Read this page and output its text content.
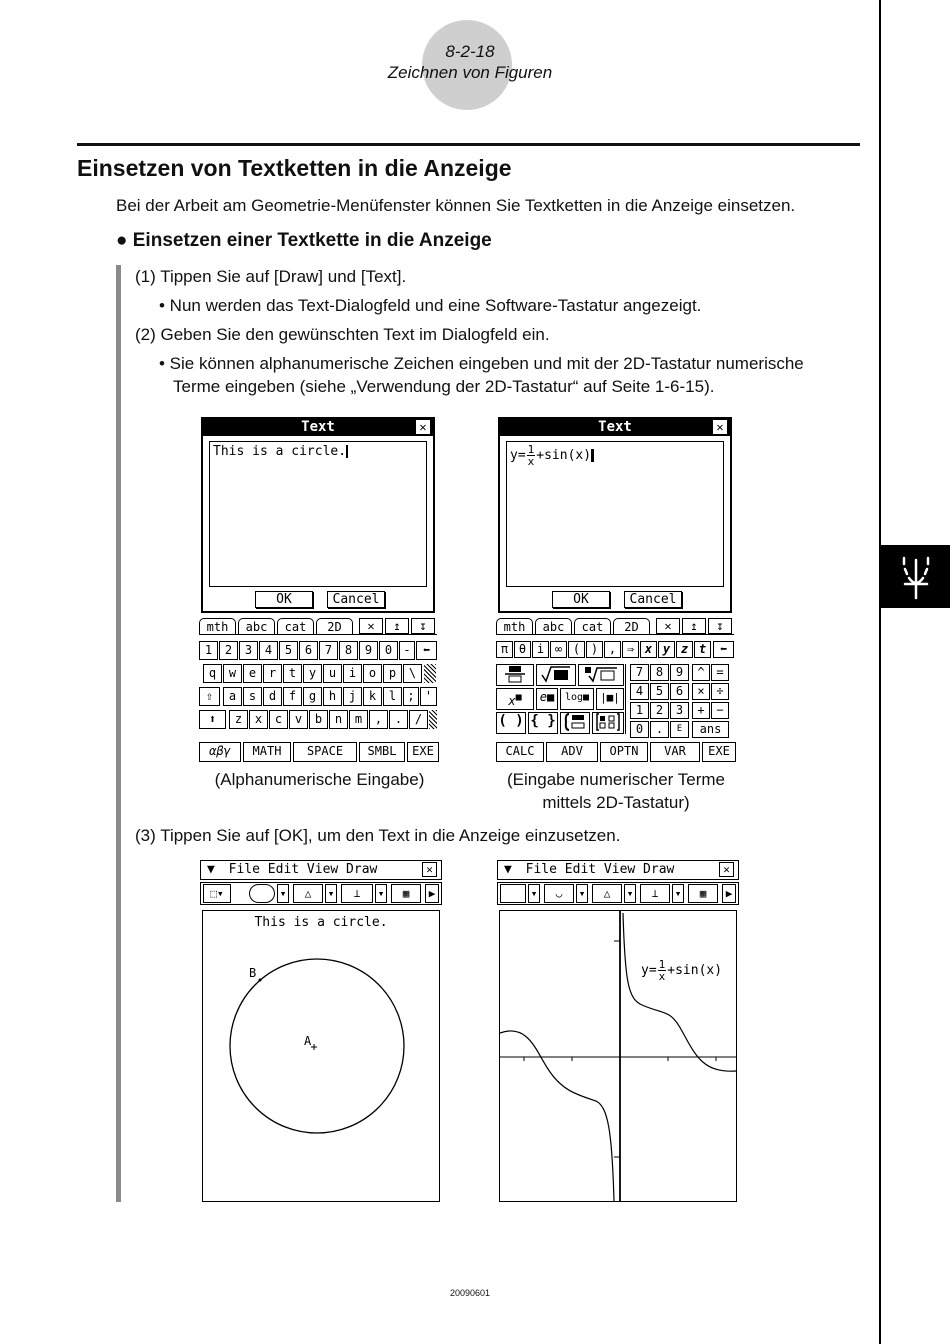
8-2-18
Zeichnen von Figuren
Einsetzen von Textketten in die Anzeige
Bei der Arbeit am Geometrie-Menüfenster können Sie Textketten in die Anzeige einsetzen.
● Einsetzen einer Textkette in die Anzeige
(1) Tippen Sie auf [Draw] und [Text].
• Nun werden das Text-Dialogfeld und eine Software-Tastatur angezeigt.
(2) Geben Sie den gewünschten Text im Dialogfeld ein.
• Sie können alphanumerische Zeichen eingeben und mit der 2D-Tastatur numerische
Terme eingeben (siehe „Verwendung der 2D-Tastatur“ auf Seite 1-6-15).
Text	✕
This is a circle.
OK	Cancel
mth	abc	cat	2D	✕	↥	↧
1	2	3	4	5	6	7	8	9	0 -	⬅
q	w	e	r	t	y	u	i	o	p	\
⇪	a	s	d	f	g	h	j	k	l ; '
⬆	z	x	c	v	b	n	m	,	.	/
αβγ	MATH	SPACE	SMBL	EXE
Text	✕
$y= \frac{1}{x} +\sin(x)$
OK	Cancel
mth	abc	cat	2D	✕	↥	↧
π θ i ∞ ( ) , ⇒ x y z t	⬅
x■	e■	log■	|■|
( ) { }
7	8	9	^ =
4	5	6	× ÷
1	2	3	+ −
0	.	E	ans
CALC	ADV	OPTN	VAR	EXE
(Alphanumerische Eingabe)	(Eingabe numerischer Terme
mittels 2D-Tastatur)
(3) Tippen Sie auf [OK], um den Text in die Anzeige einzusetzen.
▼ File Edit View Draw	✕
⬚▾	⊙	▾	△	▾	⊥	▾	▦	▶
This is a circle.
B
A
▼ File Edit View Draw	✕
⬚	▾	◡	▾	△	▾	⊥	▾	▦	▶
$y= \frac{1}{x} +\sin(x)$
20090601
